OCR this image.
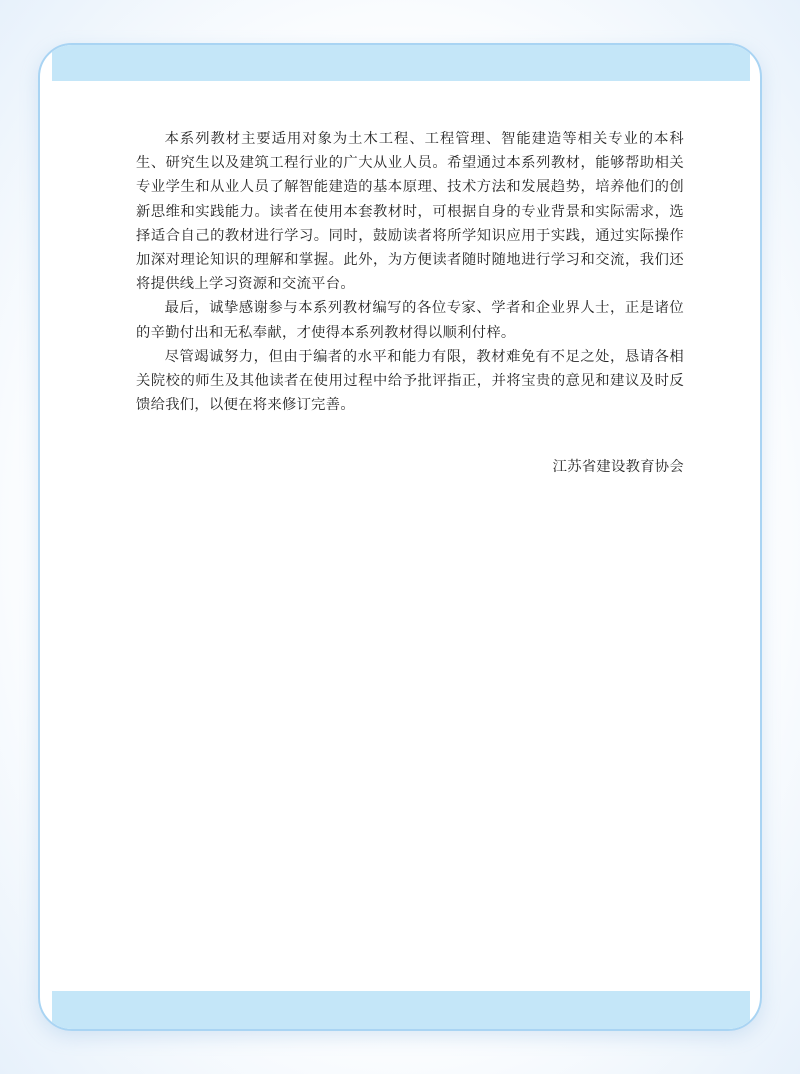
本系列教材主要适用对象为土木工程、工程管理、智能建造等相关专业的本科生、研究生以及建筑工程行业的广大从业人员。希望通过本系列教材，能够帮助相关专业学生和从业人员了解智能建造的基本原理、技术方法和发展趋势，培养他们的创新思维和实践能力。读者在使用本套教材时，可根据自身的专业背景和实际需求，选择适合自己的教材进行学习。同时，鼓励读者将所学知识应用于实践，通过实际操作加深对理论知识的理解和掌握。此外，为方便读者随时随地进行学习和交流，我们还将提供线上学习资源和交流平台。

最后，诚挚感谢参与本系列教材编写的各位专家、学者和企业界人士，正是诸位的辛勤付出和无私奉献，才使得本系列教材得以顺利付梓。

尽管竭诚努力，但由于编者的水平和能力有限，教材难免有不足之处，恳请各相关院校的师生及其他读者在使用过程中给予批评指正，并将宝贵的意见和建议及时反馈给我们，以便在将来修订完善。

江苏省建设教育协会
